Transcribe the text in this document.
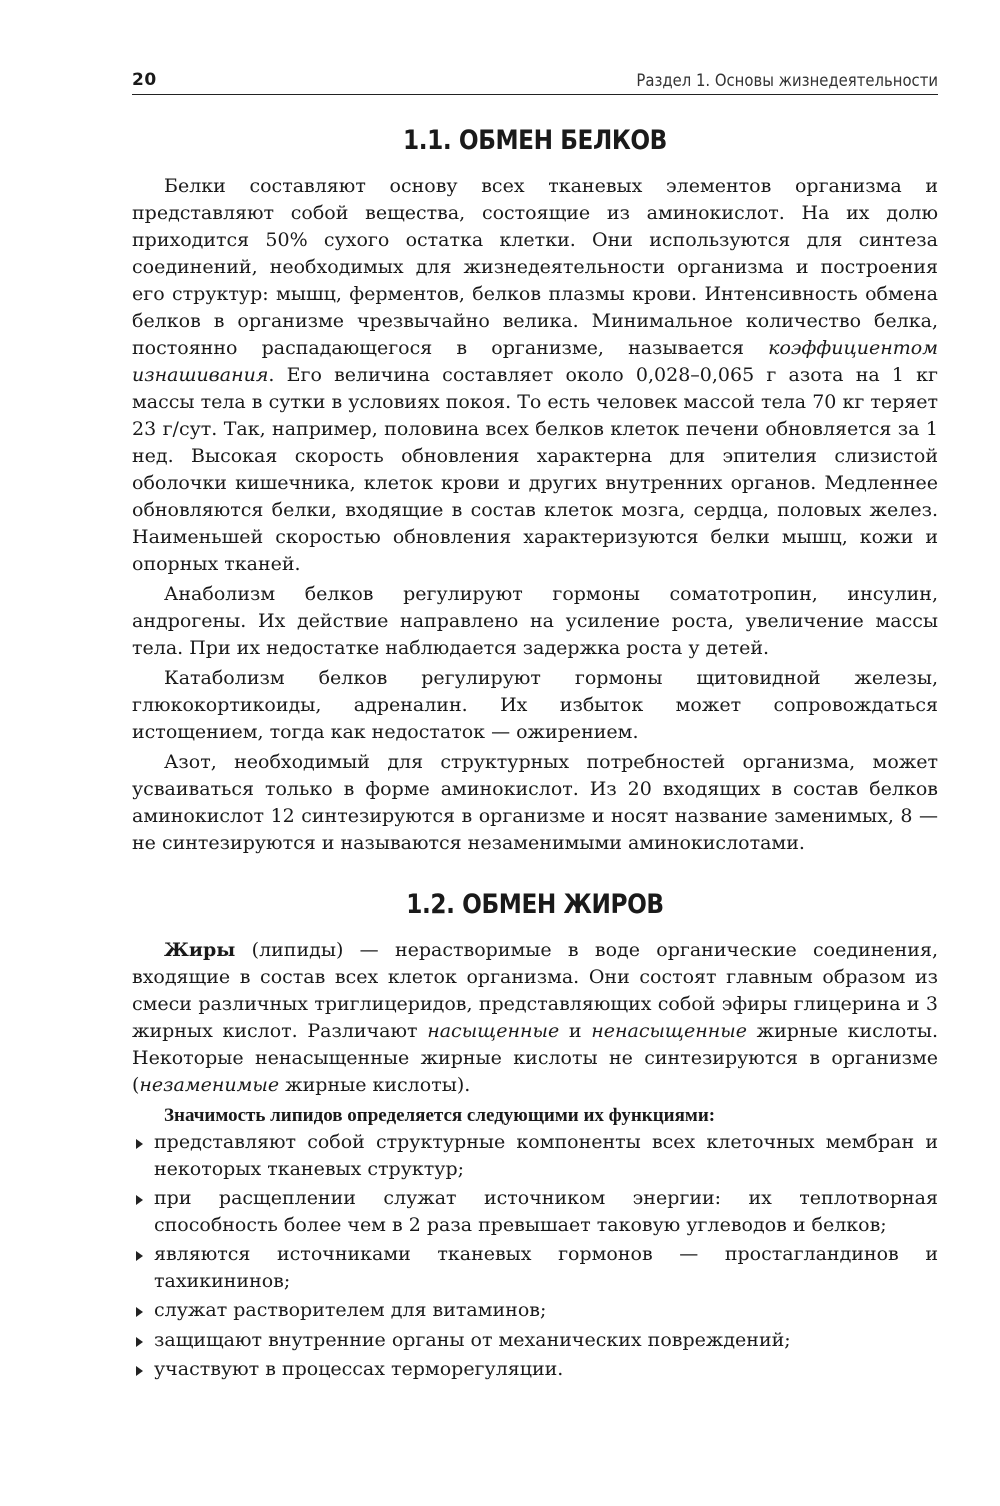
20	Раздел 1. Основы жизнедеятельности
1.1. ОБМЕН БЕЛКОВ

Белки составляют основу всех тканевых элементов организма и представляют собой вещества, состоящие из аминокислот. На их долю приходится 50% сухого остатка клетки. Они используются для синтеза соединений, необходимых для жизнедеятельности организма и построения его структур: мышц, ферментов, белков плазмы крови. Интенсивность обмена белков в организме чрезвычайно велика. Минимальное количество белка, постоянно распадающегося в организме, называется коэффициентом изнашивания. Его величина составляет около 0,028–0,065 г азота на 1 кг массы тела в сутки в условиях покоя. То есть человек массой тела 70 кг теряет 23 г/сут. Так, например, половина всех белков клеток печени обновляется за 1 нед. Высокая скорость обновления характерна для эпителия слизистой оболочки кишечника, клеток крови и других внутренних органов. Медленнее обновляются белки, входящие в состав клеток мозга, сердца, половых желез. Наименьшей скоростью обновления характеризуются белки мышц, кожи и опорных тканей.

Анаболизм белков регулируют гормоны соматотропин, инсулин, андрогены. Их действие направлено на усиление роста, увеличение массы тела. При их недостатке наблюдается задержка роста у детей.

Катаболизм белков регулируют гормоны щитовидной железы, глюкокортикоиды, адреналин. Их избыток может сопровождаться истощением, тогда как недостаток — ожирением.

Азот, необходимый для структурных потребностей организма, может усваиваться только в форме аминокислот. Из 20 входящих в состав белков аминокислот 12 синтезируются в организме и носят название заменимых, 8 — не синтезируются и называются незаменимыми аминокислотами.

1.2. ОБМЕН ЖИРОВ

Жиры (липиды) — нерастворимые в воде органические соединения, входящие в состав всех клеток организма. Они состоят главным образом из смеси различных триглицеридов, представляющих собой эфиры глицерина и 3 жирных кислот. Различают насыщенные и ненасыщенные жирные кислоты. Некоторые ненасыщенные жирные кислоты не синтезируются в организме (незаменимые жирные кислоты).

Значимость липидов определяется следующими их функциями:
представляют собой структурные компоненты всех клеточных мембран и некоторых тканевых структур;
при расщеплении служат источником энергии: их теплотворная способность более чем в 2 раза превышает таковую углеводов и белков;
являются источниками тканевых гормонов — простагландинов и тахикининов;
служат растворителем для витаминов;
защищают внутренние органы от механических повреждений;
участвуют в процессах терморегуляции.
